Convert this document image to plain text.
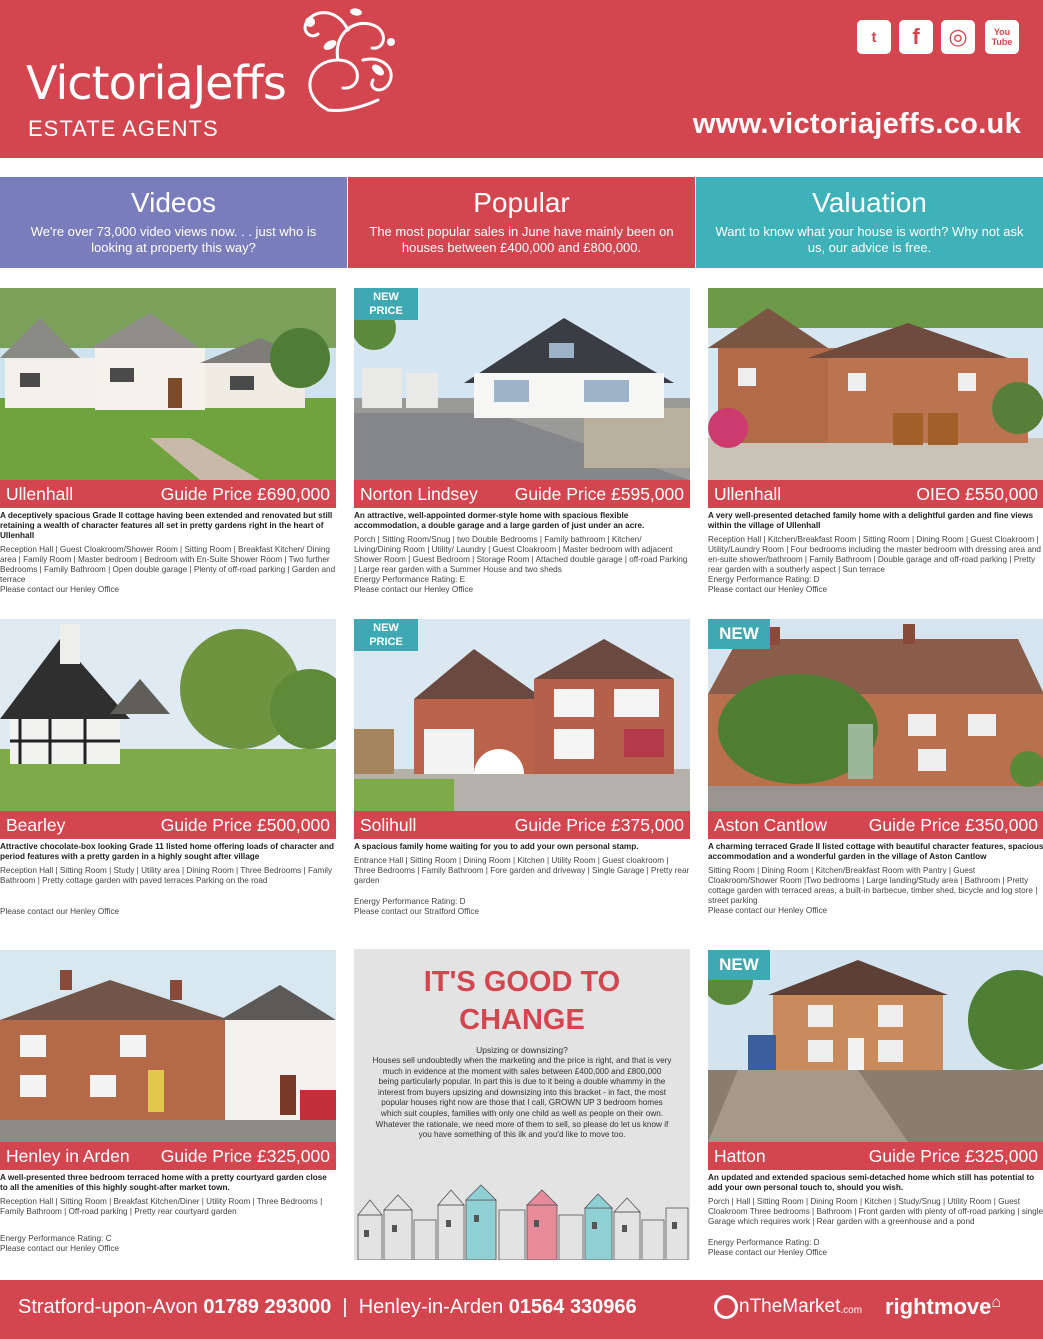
VictoriaJeffs
ESTATE AGENTS
t	f	◎	You Tube
www.victoriajeffs.co.uk
Videos

We're over 73,000 video views now. . . just who is looking at property this way?

Popular

The most popular sales in June have mainly been on houses between £400,000 and £800,000.

Valuation

Want to know what your house is worth? Why not ask us, our advice is free.

Ullenhall	Guide Price £690,000
A deceptively spacious Grade II cottage having been extended and renovated but still retaining a wealth of character features all set in pretty gardens right in the heart of Ullenhall
Reception Hall | Guest Cloakroom/Shower Room | Sitting Room | Breakfast Kitchen/ Dining area | Family Room | Master bedroom | Bedroom with En-Suite Shower Room | Two further Bedrooms | Family Bathroom | Open double garage | Plenty of off-road parking | Garden and terrace
Please contact our Henley Office
NEW
PRICE
Norton Lindsey Guide Price £595,000
An attractive, well-appointed dormer-style home with spacious flexible accommodation, a double garage and a large garden of just under an acre.
Porch | Sitting Room/Snug | two Double Bedrooms | Family bathroom | Kitchen/ Living/Dining Room | Utility/ Laundry | Guest Cloakroom | Master bedroom with adjacent Shower Room | Guest Bedroom | Storage Room | Attached double garage | off-road Parking | Large rear garden with a Summer House and two sheds
Energy Performance Rating: E
Please contact our Henley Office
Ullenhall	OIEO £550,000
A very well-presented detached family home with a delightful garden and fine views within the village of Ullenhall
Reception Hall | Kitchen/Breakfast Room | Sitting Room | Dining Room | Guest Cloakroom | Utility/Laundry Room | Four bedrooms including the master bedroom with dressing area and en-suite shower/bathroom | Family Bathroom | Double garage and off-road parking | Pretty rear garden with a southerly aspect | Sun terrace
Energy Performance Rating: D
Please contact our Henley Office
Bearley	Guide Price £500,000
Attractive chocolate-box looking Grade 11 listed home offering loads of character and period features with a pretty garden in a highly sought after village
Reception Hall | Sitting Room | Study | Utility area | Dining Room | Three Bedrooms | Family Bathroom | Pretty cottage garden with paved terraces Parking on the road
Please contact our Henley Office
NEW
PRICE
Solihull	Guide Price £375,000
A spacious family home waiting for you to add your own personal stamp.
Entrance Hall | Sitting Room | Dining Room | Kitchen | Utility Room | Guest cloakroom | Three Bedrooms | Family Bathroom | Fore garden and driveway | Single Garage | Pretty rear garden
Energy Performance Rating: D
Please contact our Stratford Office
NEW
Aston Cantlow Guide Price £350,000
A charming terraced Grade II listed cottage with beautiful character features, spacious accommodation and a wonderful garden in the village of Aston Cantlow
Sitting Room | Dining Room | Kitchen/Breakfast Room with Pantry | Guest Cloakroom/Shower Room |Two bedrooms | Large landing/Study area | Bathroom | Pretty cottage garden with terraced areas, a built-in barbecue, timber shed, bicycle and log store | street parking
Please contact our Henley Office
Henley in Arden Guide Price £325,000
A well-presented three bedroom terraced home with a pretty courtyard garden close to all the amenities of this highly sought-after market town.
Reception Hall | Sitting Room | Breakfast Kitchen/Diner | Utility Room | Three Bedrooms | Family Bathroom | Off-road parking | Pretty rear courtyard garden
Energy Performance Rating: C
Please contact our Henley Office
IT'S GOOD TO
CHANGE
Upsizing or downsizing?
Houses sell undoubtedly when the marketing and the price is right, and that is very much in evidence at the moment with sales between £400,000 and £800,000 being particularly popular. In part this is due to it being a double whammy in the interest from buyers upsizing and downsizing into this bracket - in fact, the most popular houses right now are those that I call, GROWN UP 3 bedroom homes which suit couples, families with only one child as well as people on their own. Whatever the rationale, we need more of them to sell, so please do let us know if you have something of this ilk and you'd like to move too.
NEW
Hatton	Guide Price £325,000
An updated and extended spacious semi-detached home which still has potential to add your own personal touch to, should you wish.
Porch | Hall | Sitting Room | Dining Room | Kitchen | Study/Snug | Utility Room | Guest Cloakroom Three bedrooms | Bathroom | Front garden with plenty of off-road parking | single Garage which requires work | Rear garden with a greenhouse and a pond
Energy Performance Rating: D
Please contact our Henley Office
Stratford-upon-Avon 01789 293000 | Henley-in-Arden 01564 330966	nTheMarket .com rightmove⌂
